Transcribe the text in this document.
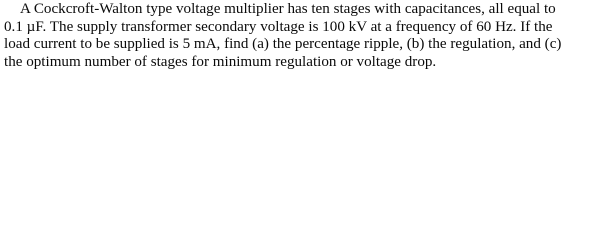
A Cockcroft-Walton type voltage multiplier has ten stages with capacitances, all equal to
0.1 µF. The supply transformer secondary voltage is 100 kV at a frequency of 60 Hz. If the
load current to be supplied is 5 mA, find (a) the percentage ripple, (b) the regulation, and (c)
the optimum number of stages for minimum regulation or voltage drop.
